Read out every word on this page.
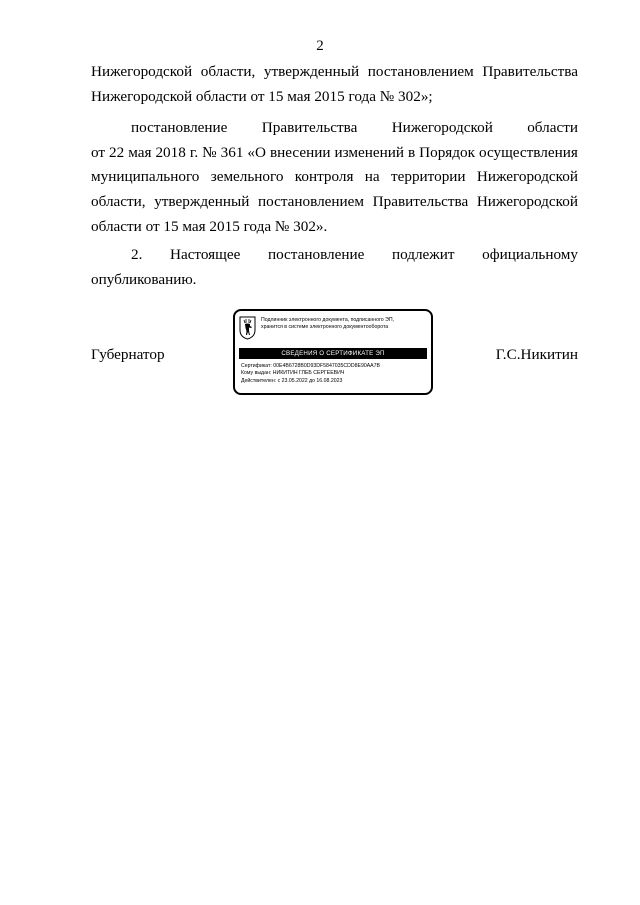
2
Нижегородской области, утвержденный постановлением Правительства

Нижегородской области от 15 мая 2015 года № 302»;

постановление Правительства Нижегородской области
от 22 мая 2018 г. № 361 «О внесении изменений в Порядок осуществления
муниципального земельного контроля на территории Нижегородской
области, утвержденный постановлением Правительства Нижегородской

области от 15 мая 2015 года № 302».

2. Настоящее постановление подлежит официальному

опубликованию.

Губернатор	Г.С.Никитин
Подлинник электронного документа, подписанного ЭП,
хранится в системе электронного документооборота
СВЕДЕНИЯ О СЕРТИФИКАТЕ ЭП
Сертификат: 00E4B6728B0D93DF5847035CDD8E90AA7B
Кому выдан: НИКИТИН ГЛЕБ СЕРГЕЕВИЧ
Действителен: с 23.05.2022 до 16.08.2023
